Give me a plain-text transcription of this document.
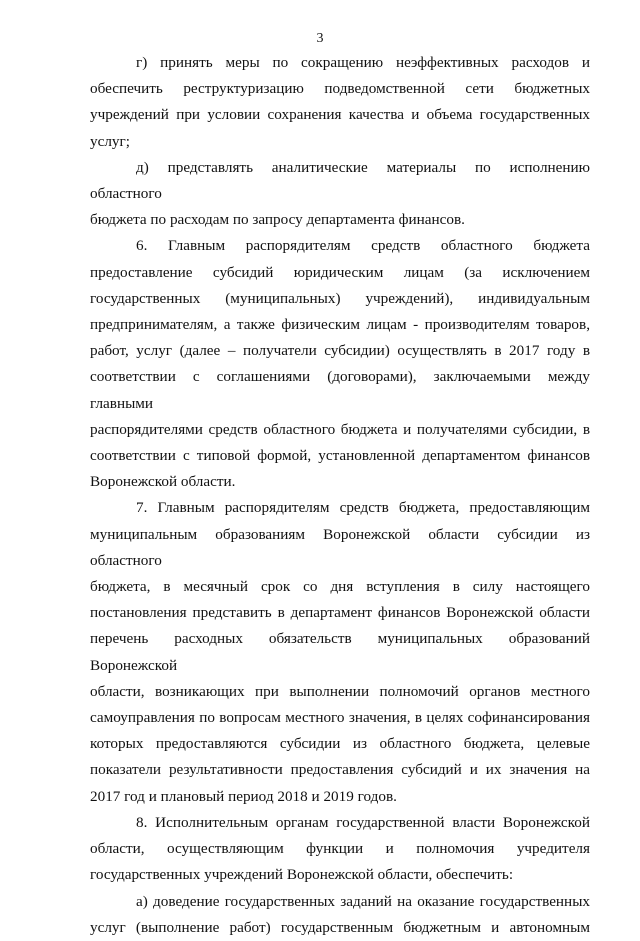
3
г) принять меры по сокращению неэффективных расходов и
обеспечить реструктуризацию подведомственной сети бюджетных
учреждений при условии сохранения качества и объема государственных
услуг;
д) представлять аналитические материалы по исполнению областного
бюджета по расходам по запросу департамента финансов.
6. Главным распорядителям средств областного бюджета
предоставление субсидий юридическим лицам (за исключением
государственных (муниципальных) учреждений), индивидуальным
предпринимателям, а также физическим лицам - производителям товаров,
работ, услуг (далее – получатели субсидии) осуществлять в 2017 году в
соответствии с соглашениями (договорами), заключаемыми между главными
распорядителями средств областного бюджета и получателями субсидии, в
соответствии с типовой формой, установленной департаментом финансов
Воронежской области.
7. Главным распорядителям средств бюджета, предоставляющим
муниципальным образованиям Воронежской области субсидии из областного
бюджета, в месячный срок со дня вступления в силу настоящего
постановления представить в департамент финансов Воронежской области
перечень расходных обязательств муниципальных образований Воронежской
области, возникающих при выполнении полномочий органов местного
самоуправления по вопросам местного значения, в целях софинансирования
которых предоставляются субсидии из областного бюджета, целевые
показатели результативности предоставления субсидий и их значения на
2017 год и плановый период 2018 и 2019 годов.
8. Исполнительным органам государственной власти Воронежской
области, осуществляющим функции и полномочия учредителя
государственных учреждений Воронежской области, обеспечить:
а) доведение государственных заданий на оказание государственных
услуг (выполнение работ) государственным бюджетным и автономным
